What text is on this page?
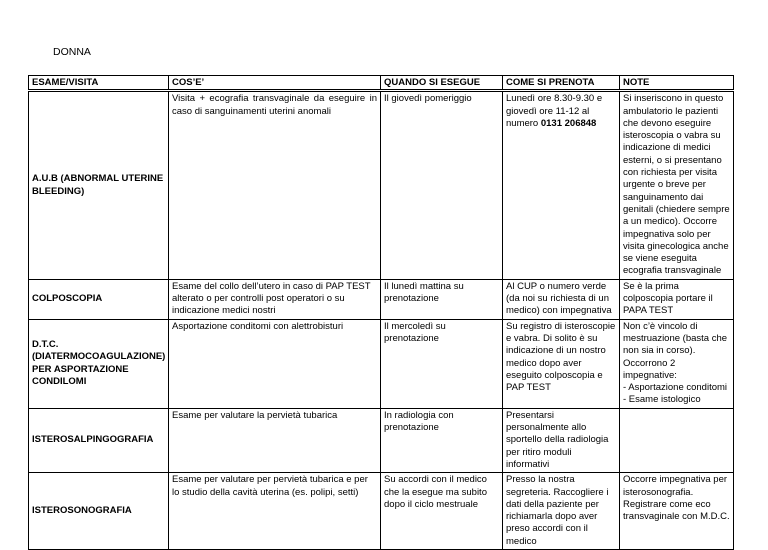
DONNA
ESAME/VISITA	COS’E’	QUANDO SI ESEGUE	COME SI PRENOTA	NOTE
A.U.B (ABNORMAL UTERINE BLEEDING)	Visita + ecografia transvaginale da eseguire in caso di sanguinamenti uterini anomali	Il giovedì pomeriggio	Lunedì ore 8.30-9.30 e giovedì ore 11-12 al numero 0131 206848	Si inseriscono in questo ambulatorio le pazienti che devono eseguire isteroscopia o vabra su indicazione di medici esterni, o si presentano con richiesta per visita urgente o breve per sanguinamento dai genitali (chiedere sempre a un medico). Occorre impegnativa solo per visita ginecologica anche se viene eseguita ecografia transvaginale
COLPOSCOPIA	Esame del collo dell’utero in caso di PAP TEST alterato o per controlli post operatori o su indicazione medici nostri	Il lunedì mattina su prenotazione	Al CUP o numero verde (da noi su richiesta di un medico) con impegnativa	Se è la prima colposcopia portare il PAPA TEST
D.T.C. (DIATERMOCOAGULAZIONE) PER ASPORTAZIONE CONDILOMI	Asportazione conditomi con alettrobisturi	Il mercoledì su prenotazione	Su registro di isteroscopie e vabra. Di solito è su indicazione di un nostro medico dopo aver eseguito colposcopia e PAP TEST	Non c’è vincolo di mestruazione (basta che non sia in corso).
Occorrono 2 impegnative:
- Asportazione conditomi
- Esame istologico

ISTEROSALPINGOGRAFIA	Esame per valutare la pervietà tubarica	In radiologia con prenotazione	Presentarsi personalmente allo sportello della radiologia per ritiro moduli informativi	
ISTEROSONOGRAFIA	Esame per valutare per pervietà tubarica e per lo studio della cavità uterina (es. polipi, setti)	Su accordi con il medico che la esegue ma subito dopo il ciclo mestruale	Presso la nostra segreteria. Raccogliere i dati della paziente per richiamarla dopo aver preso accordi con il medico	Occorre impegnativa per isterosonografia. Registrare come eco transvaginale con M.D.C.
